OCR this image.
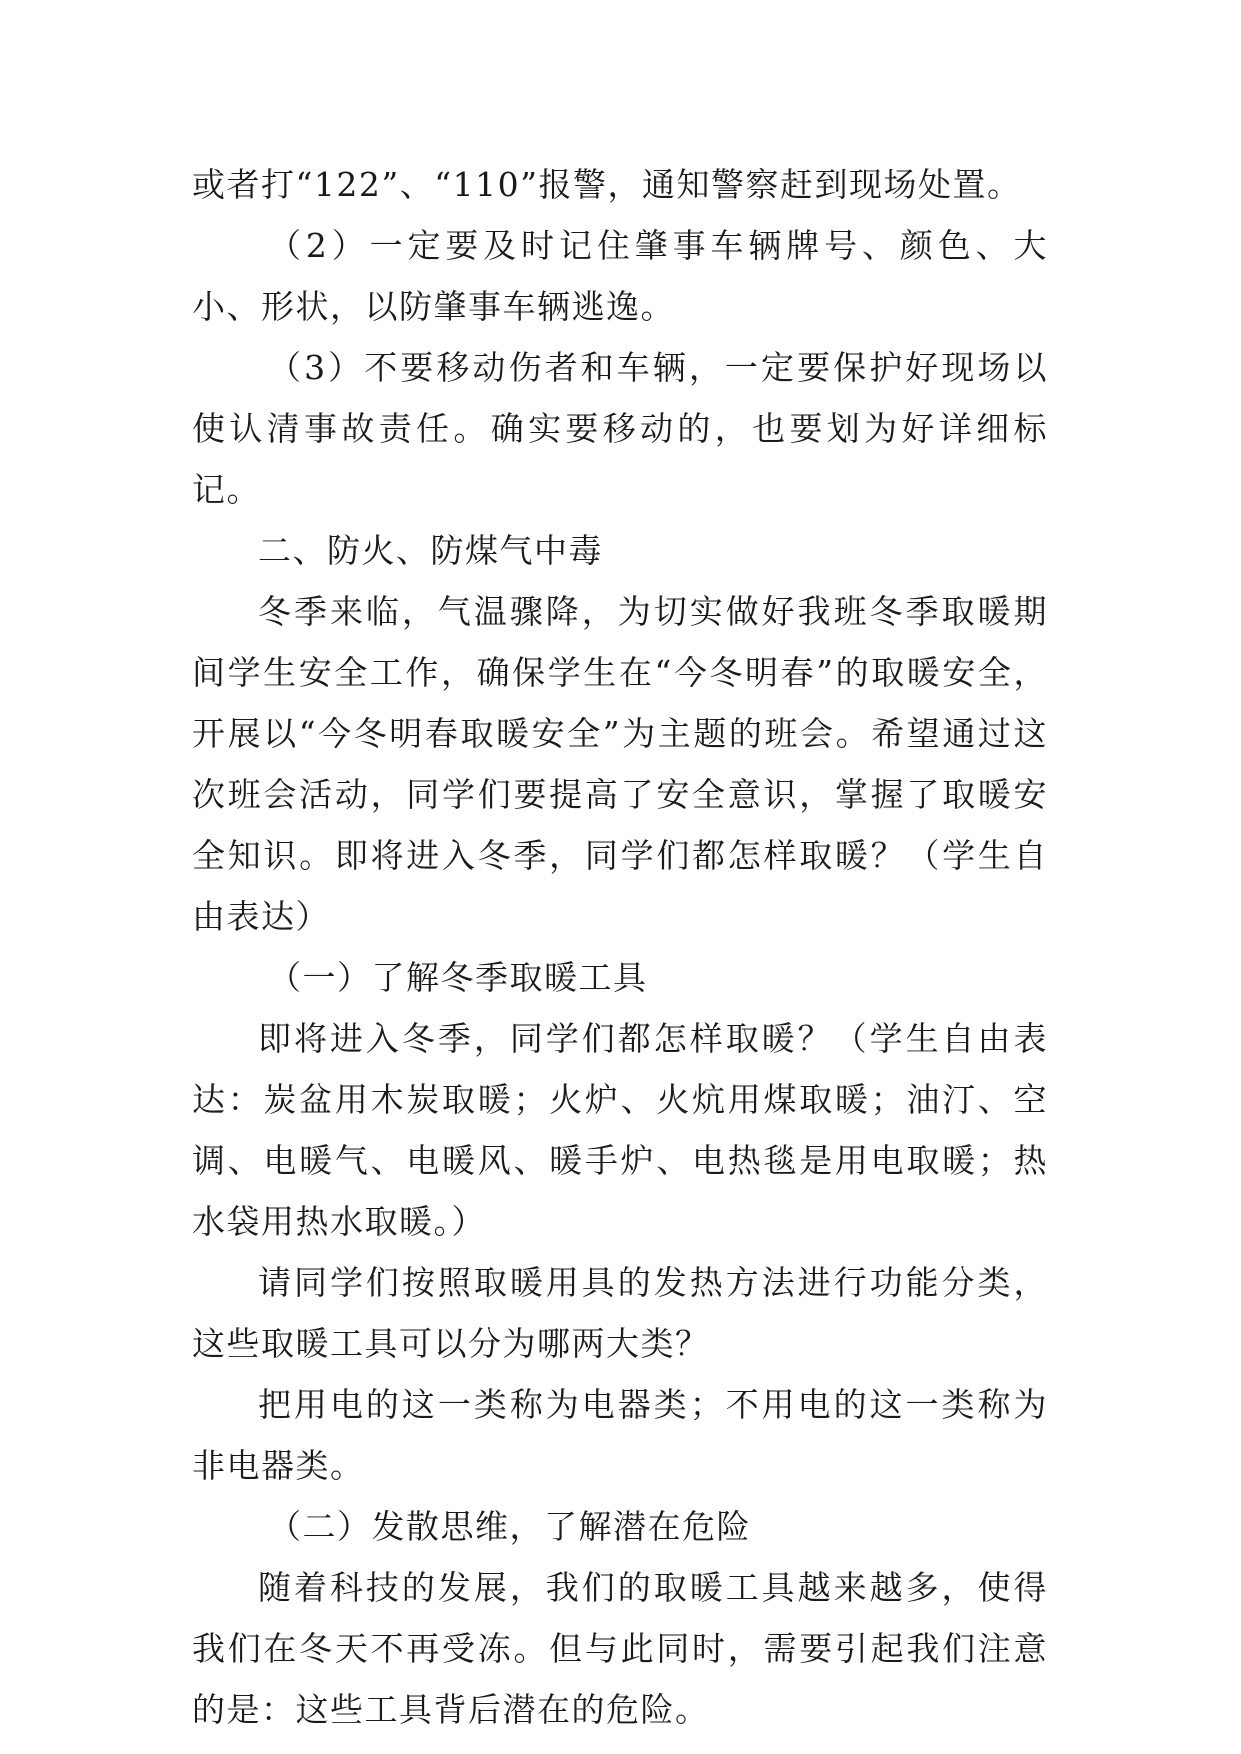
或者打“122”、“110”报警，通知警察赶到现场处置。

（2）一定要及时记住肇事车辆牌号、颜色、大小、形状，以防肇事车辆逃逸。

（3）不要移动伤者和车辆，一定要保护好现场以使认清事故责任。确实要移动的，也要划为好详细标记。

二、防火、防煤气中毒

冬季来临，气温骤降，为切实做好我班冬季取暖期间学生安全工作，确保学生在“今冬明春”的取暖安全，开展以“今冬明春取暖安全”为主题的班会。希望通过这次班会活动，同学们要提高了安全意识，掌握了取暖安全知识。即将进入冬季，同学们都怎样取暖？（学生自由表达）

（一）了解冬季取暖工具

即将进入冬季，同学们都怎样取暖？（学生自由表达：炭盆用木炭取暖；火炉、火炕用煤取暖；油汀、空调、电暖气、电暖风、暖手炉、电热毯是用电取暖；热水袋用热水取暖。）

请同学们按照取暖用具的发热方法进行功能分类，这些取暖工具可以分为哪两大类？

把用电的这一类称为电器类；不用电的这一类称为非电器类。

（二）发散思维，了解潜在危险

随着科技的发展，我们的取暖工具越来越多，使得我们在冬天不再受冻。但与此同时，需要引起我们注意的是：这些工具背后潜在的危险。
